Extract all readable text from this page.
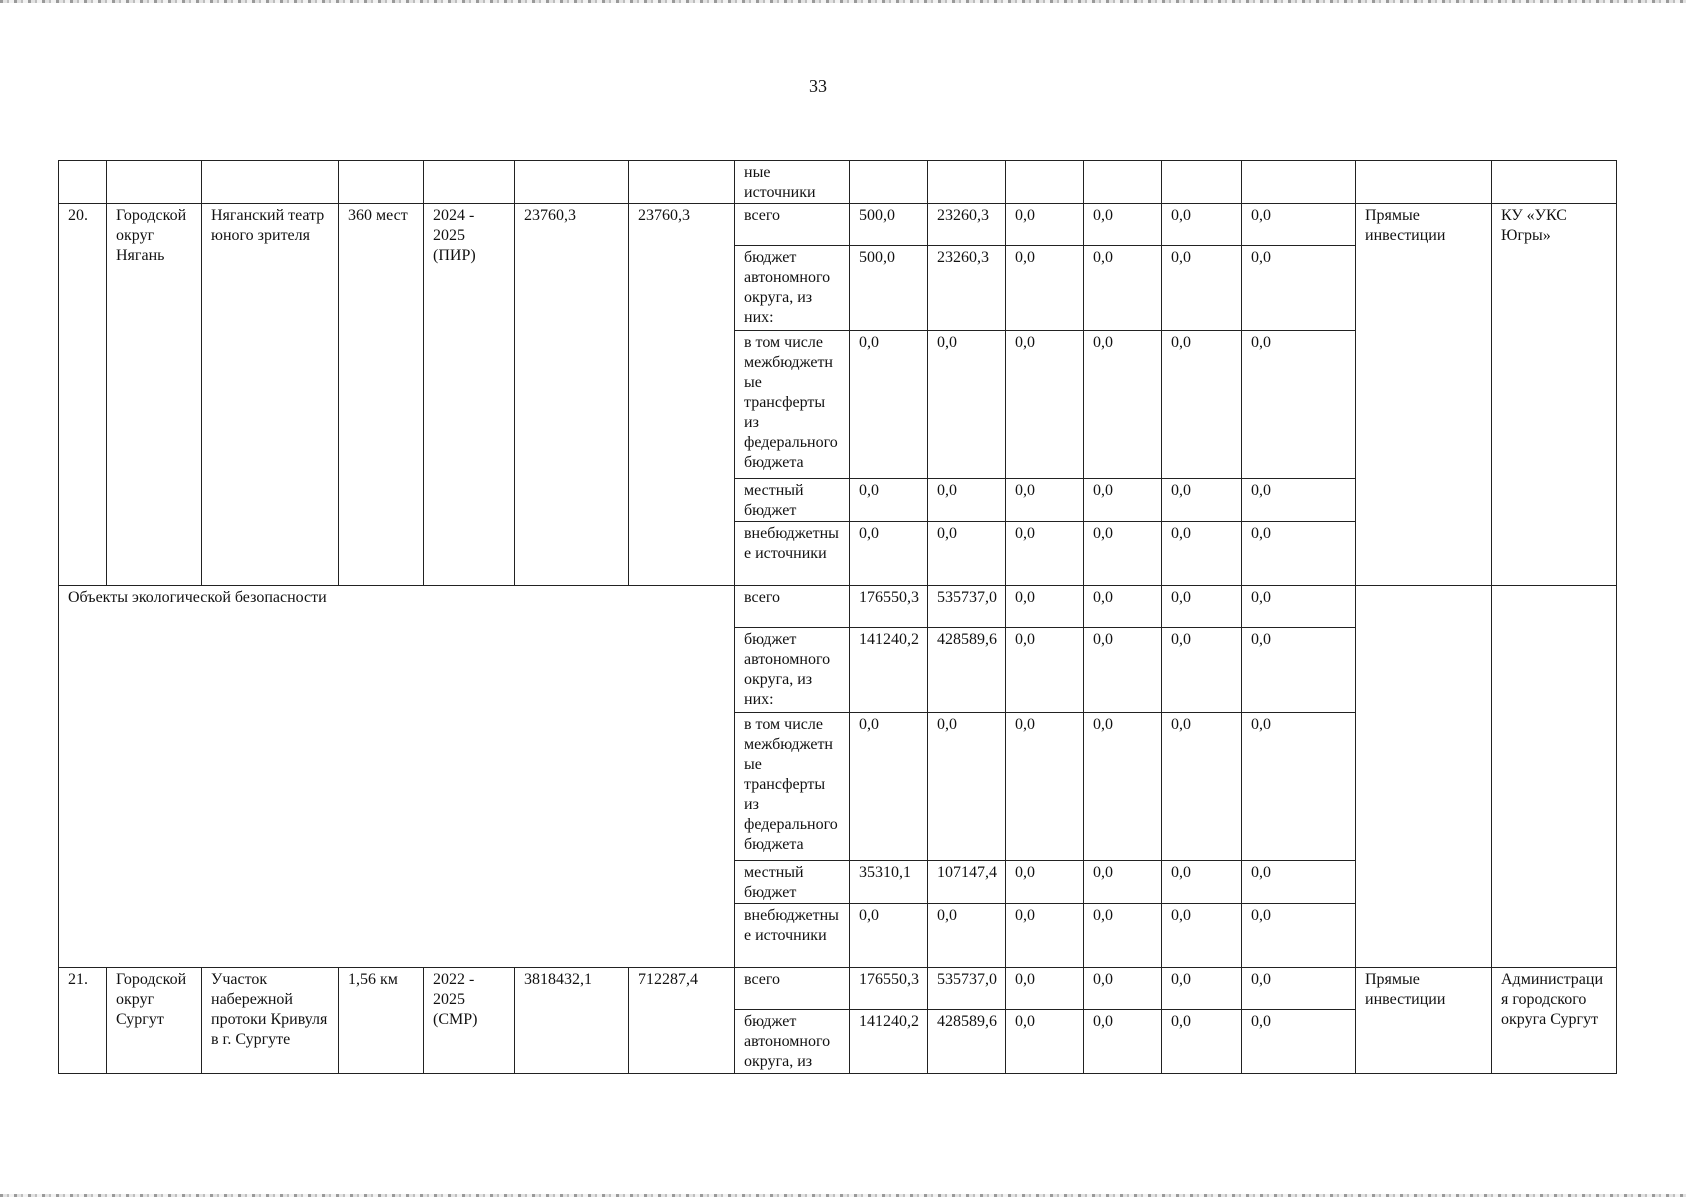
33
							ные источники								
20.	Городской округ Нягань	Няганский театр юного зрителя	360 мест	2024 - 2025 (ПИР)	23760,3	23760,3	всего	500,0	23260,3	0,0	0,0	0,0	0,0	Прямые инвестиции	КУ «УКС Югры»
							бюджет автономного округа, из них:	500,0	23260,3	0,0	0,0	0,0	0,0		
							в том числе межбюджетные трансферты из федерального бюджета	0,0	0,0	0,0	0,0	0,0	0,0		
							местный бюджет	0,0	0,0	0,0	0,0	0,0	0,0		
							внебюджетные источники	0,0	0,0	0,0	0,0	0,0	0,0		
Объекты экологической безопасности							всего	176550,3	535737,0	0,0	0,0	0,0	0,0		
							бюджет автономного округа, из них:	141240,2	428589,6	0,0	0,0	0,0	0,0		
							в том числе межбюджетные трансферты из федерального бюджета	0,0	0,0	0,0	0,0	0,0	0,0		
							местный бюджет	35310,1	107147,4	0,0	0,0	0,0	0,0		
							внебюджетные источники	0,0	0,0	0,0	0,0	0,0	0,0		
21.	Городской округ Сургут	Участок набережной протоки Кривуля в г. Сургуте	1,56 км	2022 - 2025 (СМР)	3818432,1	712287,4	всего	176550,3	535737,0	0,0	0,0	0,0	0,0	Прямые инвестиции	Администрация городского округа Сургут
							бюджет автономного округа, из	141240,2	428589,6	0,0	0,0	0,0	0,0		
